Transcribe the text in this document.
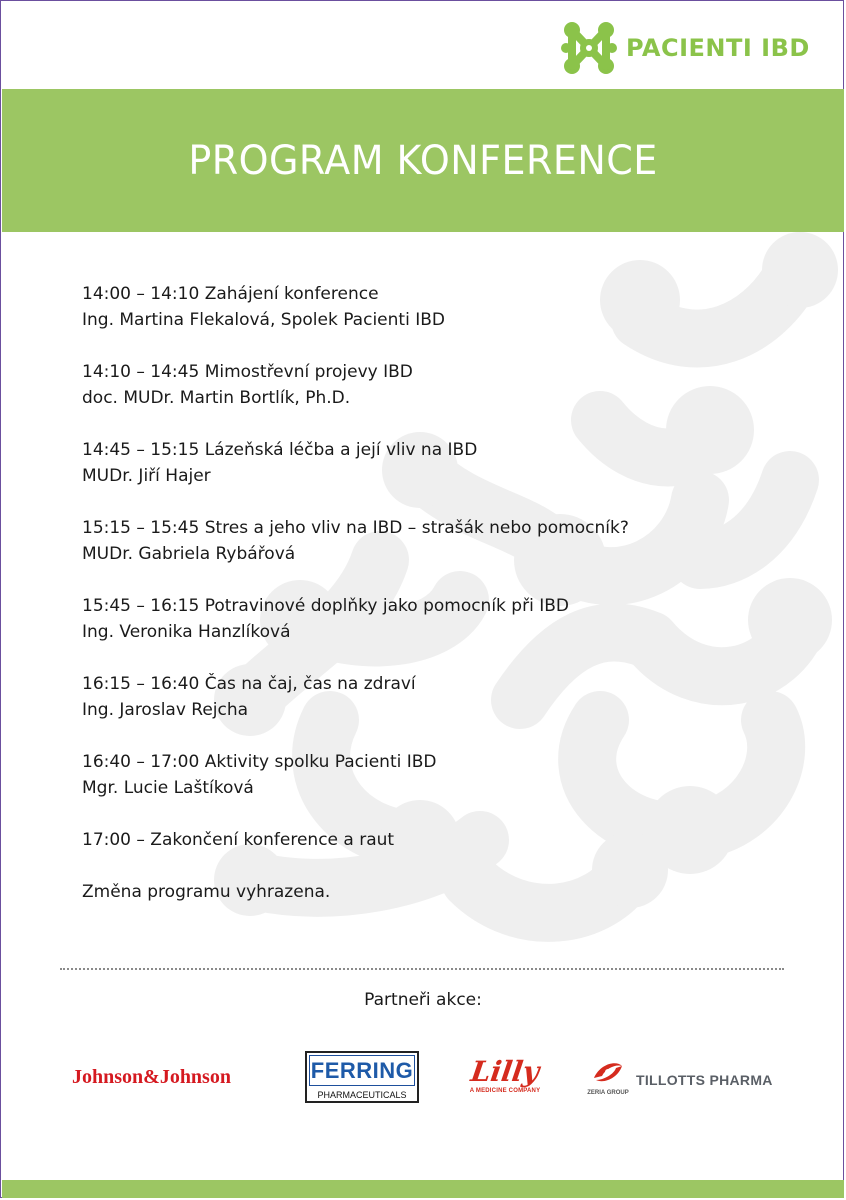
PACIENTI IBD
PROGRAM KONFERENCE
14:00 – 14:10 Zahájení konference
Ing. Martina Flekalová, Spolek Pacienti IBD
14:10 – 14:45 Mimostřevní projevy IBD
doc. MUDr. Martin Bortlík, Ph.D.
14:45 – 15:15 Lázeňská léčba a její vliv na IBD
MUDr. Jiří Hajer
15:15 – 15:45 Stres a jeho vliv na IBD – strašák nebo pomocník?
MUDr. Gabriela Rybářová
15:45 – 16:15 Potravinové doplňky jako pomocník při IBD
Ing. Veronika Hanzlíková
16:15 – 16:40 Čas na čaj, čas na zdraví
Ing. Jaroslav Rejcha
16:40 – 17:00 Aktivity spolku Pacienti IBD
Mgr. Lucie Laštíková
17:00 – Zakončení konference a raut
Změna programu vyhrazena.
Partneři akce:
Johnson&Johnson	FERRING
PHARMACEUTICALS
Lilly
A MEDICINE COMPANY	ZERIA GROUP
TILLOTTS PHARMA
